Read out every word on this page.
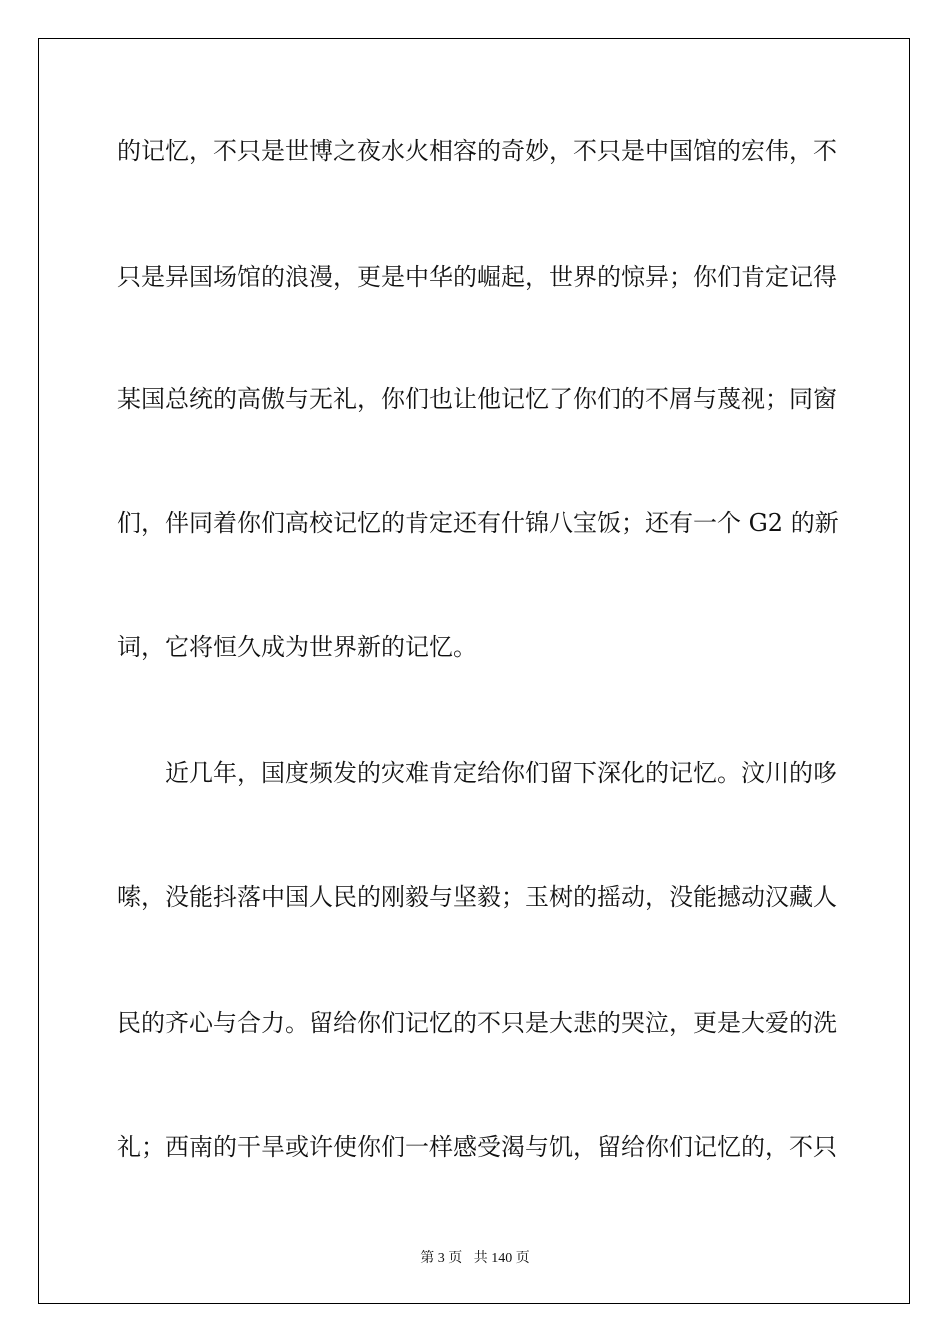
的记忆，不只是世博之夜水火相容的奇妙，不只是中国馆的宏伟，不
只是异国场馆的浪漫，更是中华的崛起，世界的惊异；你们肯定记得
某国总统的高傲与无礼，你们也让他记忆了你们的不屑与蔑视；同窗
们，伴同着你们高校记忆的肯定还有什锦八宝饭；还有一个 G2 的新
词，它将恒久成为世界新的记忆。
近几年，国度频发的灾难肯定给你们留下深化的记忆。汶川的哆
嗦，没能抖落中国人民的刚毅与坚毅；玉树的摇动，没能撼动汉藏人
民的齐心与合力。留给你们记忆的不只是大悲的哭泣，更是大爱的洗
礼；西南的干旱或许使你们一样感受渴与饥，留给你们记忆的，不只
第 3 页 共 140 页
